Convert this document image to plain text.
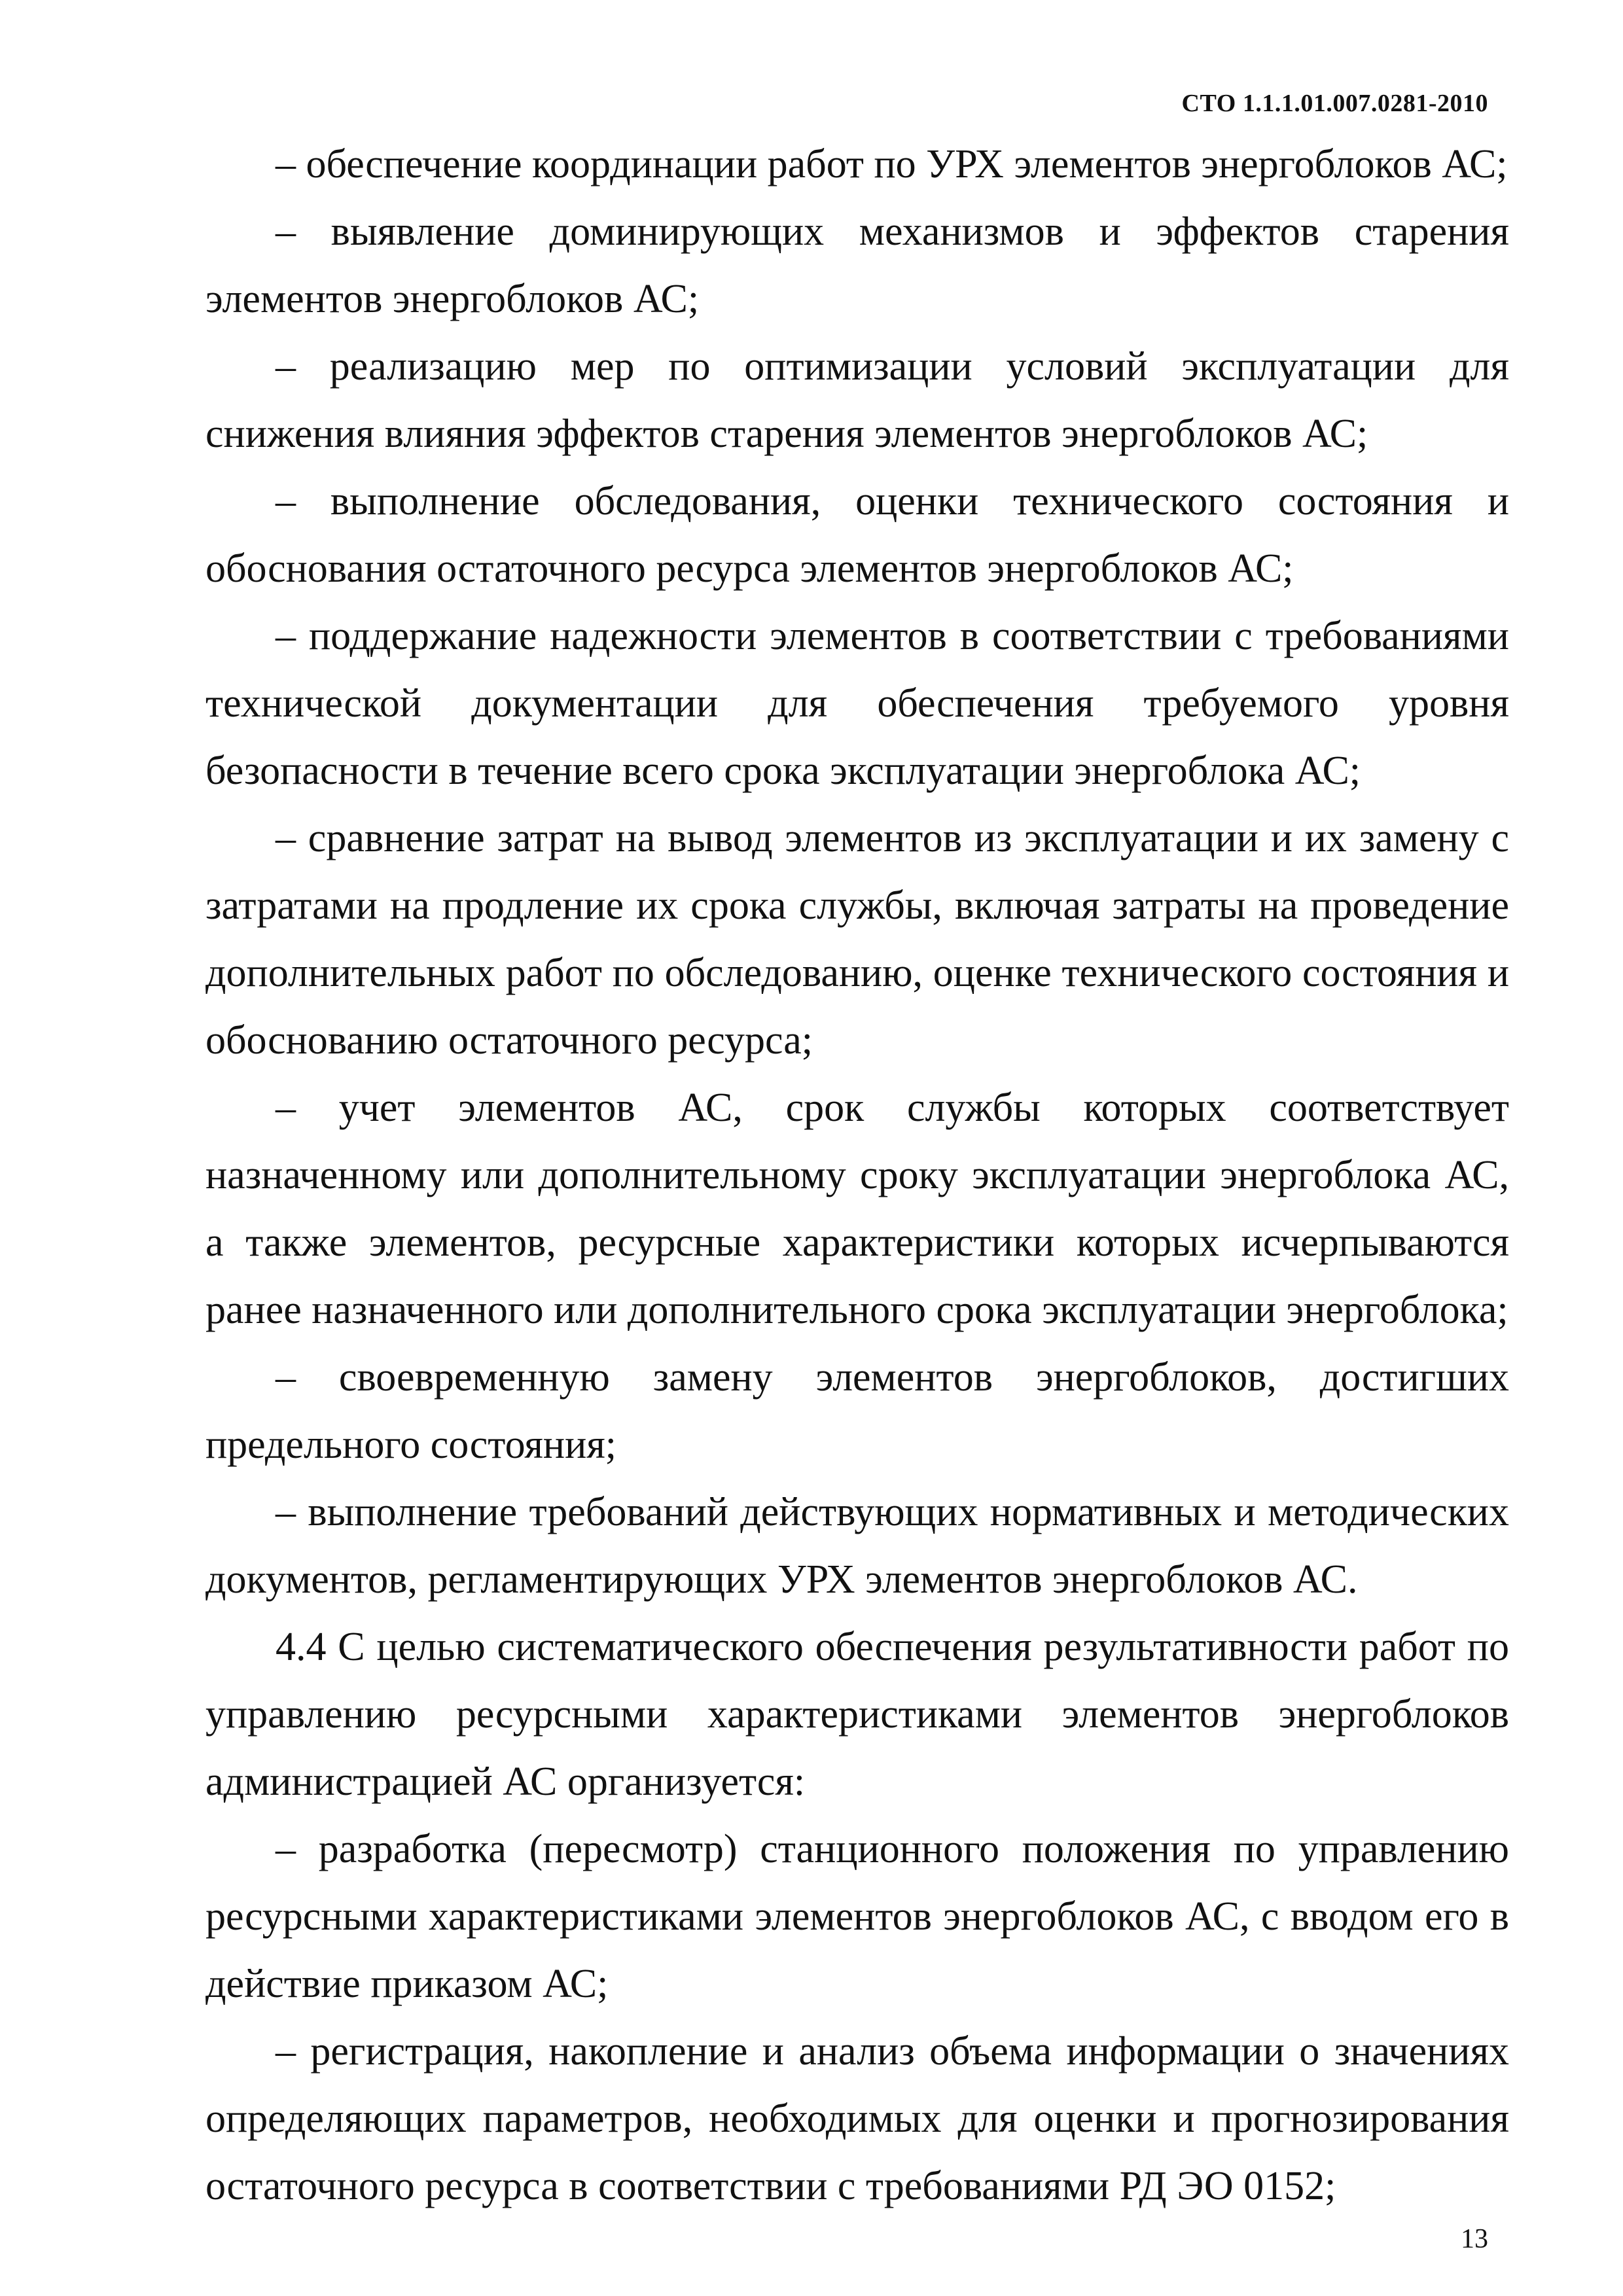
СТО 1.1.1.01.007.0281-2010

– обеспечение координации работ по УРХ элементов энергоблоков АС;

– выявление доминирующих механизмов и эффектов старения элементов энергоблоков АС;

– реализацию мер по оптимизации условий эксплуатации для снижения влияния эффектов старения элементов энергоблоков АС;

– выполнение обследования, оценки технического состояния и обоснования остаточного ресурса элементов энергоблоков АС;

– поддержание надежности элементов в соответствии с требованиями технической документации для обеспечения требуемого уровня безопасности в течение всего срока эксплуатации энергоблока АС;

– сравнение затрат на вывод элементов из эксплуатации и их замену с затратами на продление их срока службы, включая затраты на проведение дополнительных работ по обследованию, оценке технического состояния и обоснованию остаточного ресурса;

– учет элементов АС, срок службы которых соответствует назначенному или дополнительному сроку эксплуатации энергоблока АС, а также элементов, ресурсные характеристики которых исчерпываются ранее назначенного или дополнительного срока эксплуатации энергоблока;

– своевременную замену элементов энергоблоков, достигших предельного состояния;

– выполнение требований действующих нормативных и методических документов, регламентирующих УРХ элементов энергоблоков АС.

4.4 С целью систематического обеспечения результативности работ по управлению ресурсными характеристиками элементов энергоблоков администрацией АС организуется:

– разработка (пересмотр) станционного положения по управлению ресурсными характеристиками элементов энергоблоков АС, с вводом его в действие приказом АС;

– регистрация, накопление и анализ объема информации о значениях определяющих параметров, необходимых для оценки и прогнозирования остаточного ресурса в соответствии с требованиями РД ЭО 0152;

13
